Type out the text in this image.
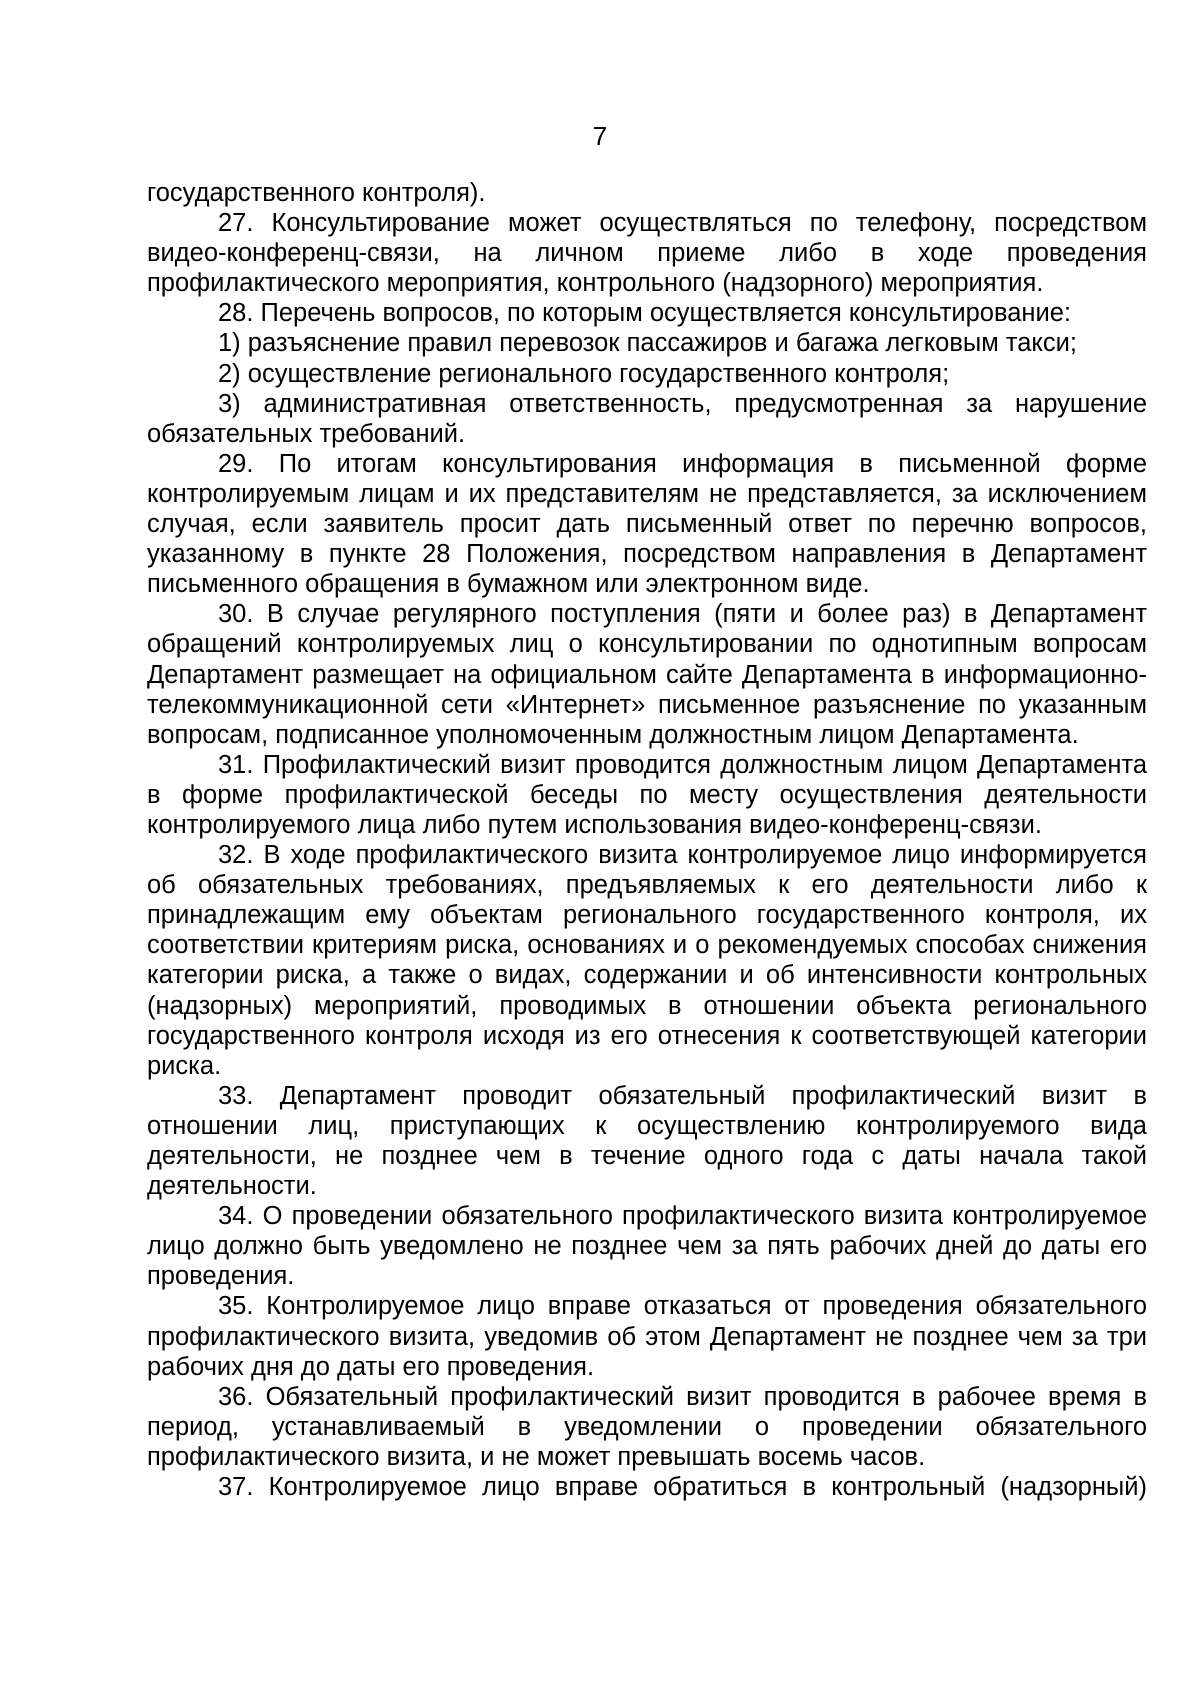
7

государственного контроля).

27. Консультирование может осуществляться по телефону, посредством видео-конференц-связи, на личном приеме либо в ходе проведения профилактического мероприятия, контрольного (надзорного) мероприятия.

28. Перечень вопросов, по которым осуществляется консультирование:

1) разъяснение правил перевозок пассажиров и багажа легковым такси;

2) осуществление регионального государственного контроля;

3) административная ответственность, предусмотренная за нарушение обязательных требований.

29. По итогам консультирования информация в письменной форме контролируемым лицам и их представителям не представляется, за исключением случая, если заявитель просит дать письменный ответ по перечню вопросов, указанному в пункте 28 Положения, посредством направления в Департамент письменного обращения в бумажном или электронном виде.

30. В случае регулярного поступления (пяти и более раз) в Департамент обращений контролируемых лиц о консультировании по однотипным вопросам Департамент размещает на официальном сайте Департамента в информационно-телекоммуникационной сети «Интернет» письменное разъяснение по указанным вопросам, подписанное уполномоченным должностным лицом Департамента.

31. Профилактический визит проводится должностным лицом Департамента в форме профилактической беседы по месту осуществления деятельности контролируемого лица либо путем использования видео-конференц-связи.

32. В ходе профилактического визита контролируемое лицо информируется об обязательных требованиях, предъявляемых к его деятельности либо к принадлежащим ему объектам регионального государственного контроля, их соответствии критериям риска, основаниях и о рекомендуемых способах снижения категории риска, а также о видах, содержании и об интенсивности контрольных (надзорных) мероприятий, проводимых в отношении объекта регионального государственного контроля исходя из его отнесения к соответствующей категории риска.

33. Департамент проводит обязательный профилактический визит в отношении лиц, приступающих к осуществлению контролируемого вида деятельности, не позднее чем в течение одного года с даты начала такой деятельности.

34. О проведении обязательного профилактического визита контролируемое лицо должно быть уведомлено не позднее чем за пять рабочих дней до даты его проведения.

35. Контролируемое лицо вправе отказаться от проведения обязательного профилактического визита, уведомив об этом Департамент не позднее чем за три рабочих дня до даты его проведения.

36. Обязательный профилактический визит проводится в рабочее время в период, устанавливаемый в уведомлении о проведении обязательного профилактического визита, и не может превышать восемь часов.

37. Контролируемое лицо вправе обратиться в контрольный (надзорный)
